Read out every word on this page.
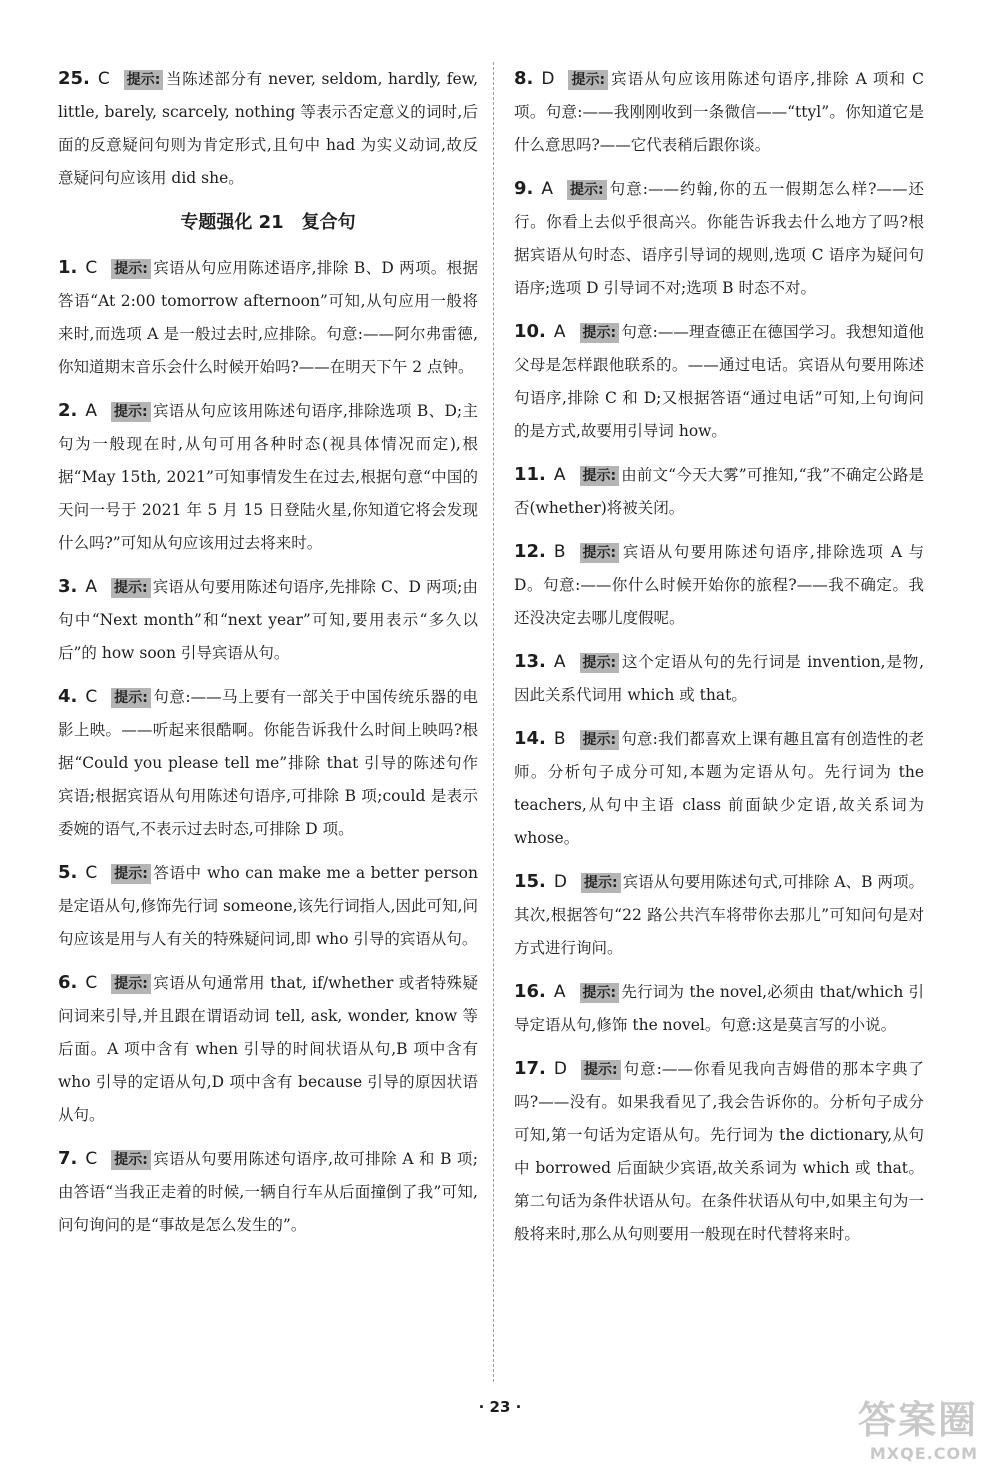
25. C 提示: 当陈述部分有 never, seldom, hardly, few, little, barely, scarcely, nothing 等表示否定意义的词时,后面的反意疑问句则为肯定形式,且句中 had 为实义动词,故反意疑问句应该用 did she。
专题强化 21　复合句
1. C 提示: 宾语从句应用陈述语序,排除 B、D 两项。根据答语“At 2:00 tomorrow afternoon”可知,从句应用一般将来时,而选项 A 是一般过去时,应排除。句意:——阿尔弗雷德,你知道期末音乐会什么时候开始吗?——在明天下午 2 点钟。
2. A 提示: 宾语从句应该用陈述句语序,排除选项 B、D;主句为一般现在时,从句可用各种时态(视具体情况而定),根据“May 15th, 2021”可知事情发生在过去,根据句意“中国的天问一号于 2021 年 5 月 15 日登陆火星,你知道它将会发现什么吗?”可知从句应该用过去将来时。
3. A 提示: 宾语从句要用陈述句语序,先排除 C、D 两项;由句中“Next month”和“next year”可知,要用表示“多久以后”的 how soon 引导宾语从句。
4. C 提示: 句意:——马上要有一部关于中国传统乐器的电影上映。——听起来很酷啊。你能告诉我什么时间上映吗?根据“Could you please tell me”排除 that 引导的陈述句作宾语;根据宾语从句用陈述句语序,可排除 B 项;could 是表示委婉的语气,不表示过去时态,可排除 D 项。
5. C 提示: 答语中 who can make me a better person 是定语从句,修饰先行词 someone,该先行词指人,因此可知,问句应该是用与人有关的特殊疑问词,即 who 引导的宾语从句。
6. C 提示: 宾语从句通常用 that, if/whether 或者特殊疑问词来引导,并且跟在谓语动词 tell, ask, wonder, know 等后面。A 项中含有 when 引导的时间状语从句,B 项中含有 who 引导的定语从句,D 项中含有 because 引导的原因状语从句。
7. C 提示: 宾语从句要用陈述句语序,故可排除 A 和 B 项;由答语“当我正走着的时候,一辆自行车从后面撞倒了我”可知,问句询问的是“事故是怎么发生的”。
8. D 提示: 宾语从句应该用陈述句语序,排除 A 项和 C 项。句意:——我刚刚收到一条微信——“ttyl”。你知道它是什么意思吗?——它代表稍后跟你谈。
9. A 提示: 句意:——约翰,你的五一假期怎么样?——还行。你看上去似乎很高兴。你能告诉我去什么地方了吗?根据宾语从句时态、语序引导词的规则,选项 C 语序为疑问句语序;选项 D 引导词不对;选项 B 时态不对。
10. A 提示: 句意:——理查德正在德国学习。我想知道他父母是怎样跟他联系的。——通过电话。宾语从句要用陈述句语序,排除 C 和 D;又根据答语“通过电话”可知,上句询问的是方式,故要用引导词 how。
11. A 提示: 由前文“今天大雾”可推知,“我”不确定公路是否(whether)将被关闭。
12. B 提示: 宾语从句要用陈述句语序,排除选项 A 与 D。句意:——你什么时候开始你的旅程?——我不确定。我还没决定去哪儿度假呢。
13. A 提示: 这个定语从句的先行词是 invention,是物,因此关系代词用 which 或 that。
14. B 提示: 句意:我们都喜欢上课有趣且富有创造性的老师。分析句子成分可知,本题为定语从句。先行词为 the teachers,从句中主语 class 前面缺少定语,故关系词为 whose。
15. D 提示: 宾语从句要用陈述句式,可排除 A、B 两项。其次,根据答句“22 路公共汽车将带你去那儿”可知问句是对方式进行询问。
16. A 提示: 先行词为 the novel,必须由 that/which 引导定语从句,修饰 the novel。句意:这是莫言写的小说。
17. D 提示: 句意:——你看见我向吉姆借的那本字典了吗?——没有。如果我看见了,我会告诉你的。分析句子成分可知,第一句话为定语从句。先行词为 the dictionary,从句中 borrowed 后面缺少宾语,故关系词为 which 或 that。第二句话为条件状语从句。在条件状语从句中,如果主句为一般将来时,那么从句则要用一般现在时代替将来时。
· 23 ·	答案圈
MXQE.COM
